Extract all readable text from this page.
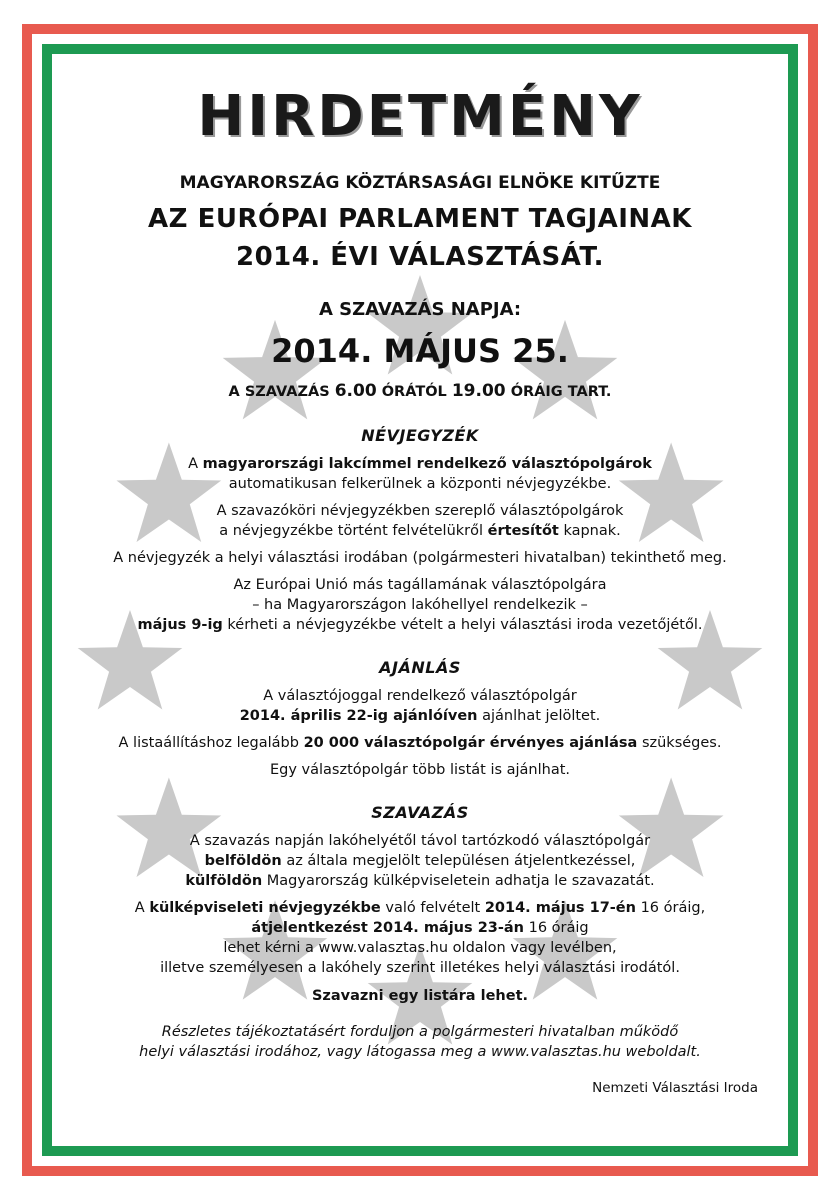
HIRDETMÉNY
MAGYARORSZÁG KÖZTÁRSASÁGI ELNÖKE KITŰZTE
AZ EURÓPAI PARLAMENT TAGJAINAK
2014. ÉVI VÁLASZTÁSÁT.
A SZAVAZÁS NAPJA:
2014. MÁJUS 25.
A SZAVAZÁS 6.00 ÓRÁTÓL 19.00 ÓRÁIG TART.
NÉVJEGYZÉK
A magyarországi lakcímmel rendelkező választópolgárok
automatikusan felkerülnek a központi névjegyzékbe.
A szavazóköri névjegyzékben szereplő választópolgárok
a névjegyzékbe történt felvételükről értesítőt kapnak.
A névjegyzék a helyi választási irodában (polgármesteri hivatalban) tekinthető meg.
Az Európai Unió más tagállamának választópolgára
– ha Magyarországon lakóhellyel rendelkezik –
május 9-ig kérheti a névjegyzékbe vételt a helyi választási iroda vezetőjétől.
AJÁNLÁS
A választójoggal rendelkező választópolgár
2014. április 22-ig ajánlóíven ajánlhat jelöltet.
A listaállításhoz legalább 20 000 választópolgár érvényes ajánlása szükséges.
Egy választópolgár több listát is ajánlhat.
SZAVAZÁS
A szavazás napján lakóhelyétől távol tartózkodó választópolgár
belföldön az általa megjelölt településen átjelentkezéssel,
külföldön Magyarország külképviseletein adhatja le szavazatát.
A külképviseleti névjegyzékbe való felvételt 2014. május 17-én 16 óráig,
átjelentkezést 2014. május 23-án 16 óráig
lehet kérni a www.valasztas.hu oldalon vagy levélben,
illetve személyesen a lakóhely szerint illetékes helyi választási irodától.
Szavazni egy listára lehet.
Részletes tájékoztatásért forduljon a polgármesteri hivatalban működő
helyi választási irodához, vagy látogassa meg a www.valasztas.hu weboldalt.
Nemzeti Választási Iroda
